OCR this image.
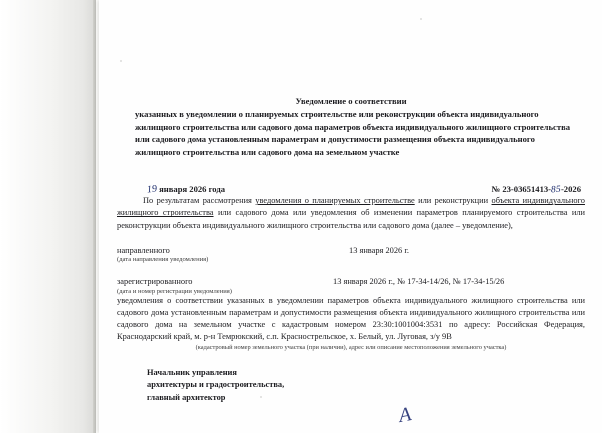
Уведомление о соответствии
указанных в уведомлении о планируемых строительстве или реконструкции объекта индивидуального жилищного строительства или садового дома параметров объекта индивидуального жилищного строительства или садового дома установленным параметрам и допустимости размещения объекта индивидуального жилищного строительства или садового дома на земельном участке
19 января 2026 года	№ 23-03651413-85-2026

По результатам рассмотрения уведомления о планируемых строительстве или реконструкции объекта индивидуального жилищного строительства или садового дома или уведомления об изменении параметров планируемого строительства или реконструкции объекта индивидуального жилищного строительства или садового дома (далее – уведомление),

направленного	13 января 2026 г.
(дата направления уведомления)
зарегистрированного	13 января 2026 г., № 17-34-14/26, № 17-34-15/26
(дата и номер регистрации уведомления)

уведомления о соответствии указанных в уведомлении параметров объекта индивидуального жилищного строительства или садового дома установленным параметрам и допустимости размещения объекта индивидуального жилищного строительства или садового дома на земельном участке с кадастровым номером 23:30:1001004:3531 по адресу: Российская Федерация, Краснодарский край, м. р-н Темрюкский, с.п. Краснострельское, х. Белый, ул. Луговая, з/у 9В

(кадастровый номер земельного участка (при наличии), адрес или описание местоположения земельного участка)
Начальник управления
архитектуры и градостроительства,
главный архитектор
А
